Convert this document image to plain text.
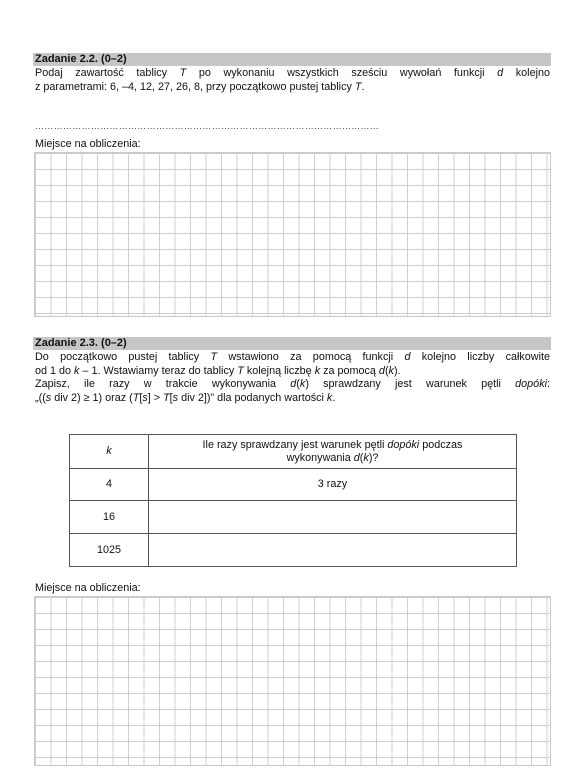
Zadanie 2.2. (0–2)
Podaj zawartość tablicy T po wykonaniu wszystkich sześciu wywołań funkcji d kolejno
z parametrami: 6, –4, 12, 27, 26, 8, przy początkowo pustej tablicy T.
…………………………………………………………………………………………………
Miejsce na obliczenia:
Zadanie 2.3. (0–2)
Do początkowo pustej tablicy T wstawiono za pomocą funkcji d kolejno liczby całkowite
od 1 do k – 1. Wstawiamy teraz do tablicy T kolejną liczbę k za pomocą d(k).
Zapisz, ile razy w trakcie wykonywania d(k) sprawdzany jest warunek pętli dopóki:
„((s div 2) ≥ 1) oraz (T[s] > T[s div 2])” dla podanych wartości k.
k	Ile razy sprawdzany jest warunek pętli dopóki podczas
wykonywania d(k)?
4	3 razy
16	
1025	
Miejsce na obliczenia:
